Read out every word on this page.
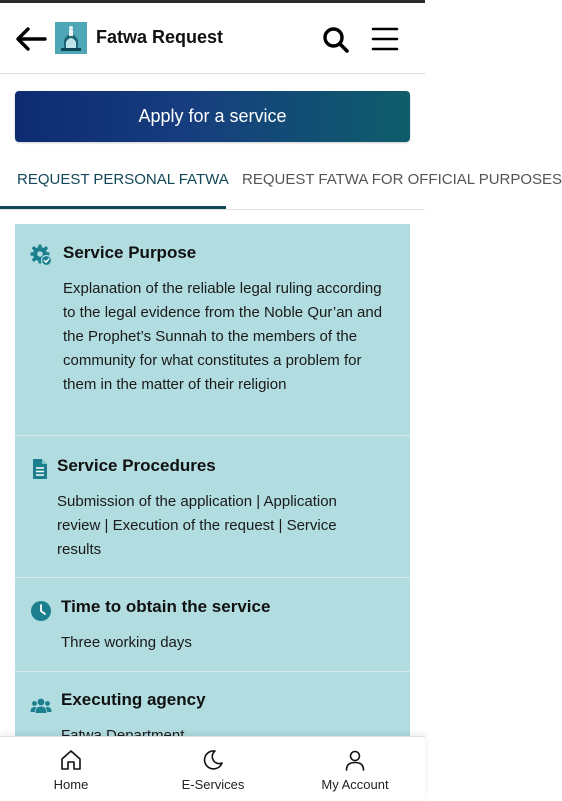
Fatwa Request
Apply for a service
REQUEST PERSONAL FATWA REQUEST FATWA FOR OFFICIAL PURPOSES
Service Purpose
Explanation of the reliable legal ruling according to the legal evidence from the Noble Qur’an and the Prophet’s Sunnah to the members of the community for what constitutes a problem for them in the matter of their religion
Service Procedures
Submission of the application | Application review | Execution of the request | Service results
Time to obtain the service
Three working days
Executing agency
Home	E-Services	My Account
